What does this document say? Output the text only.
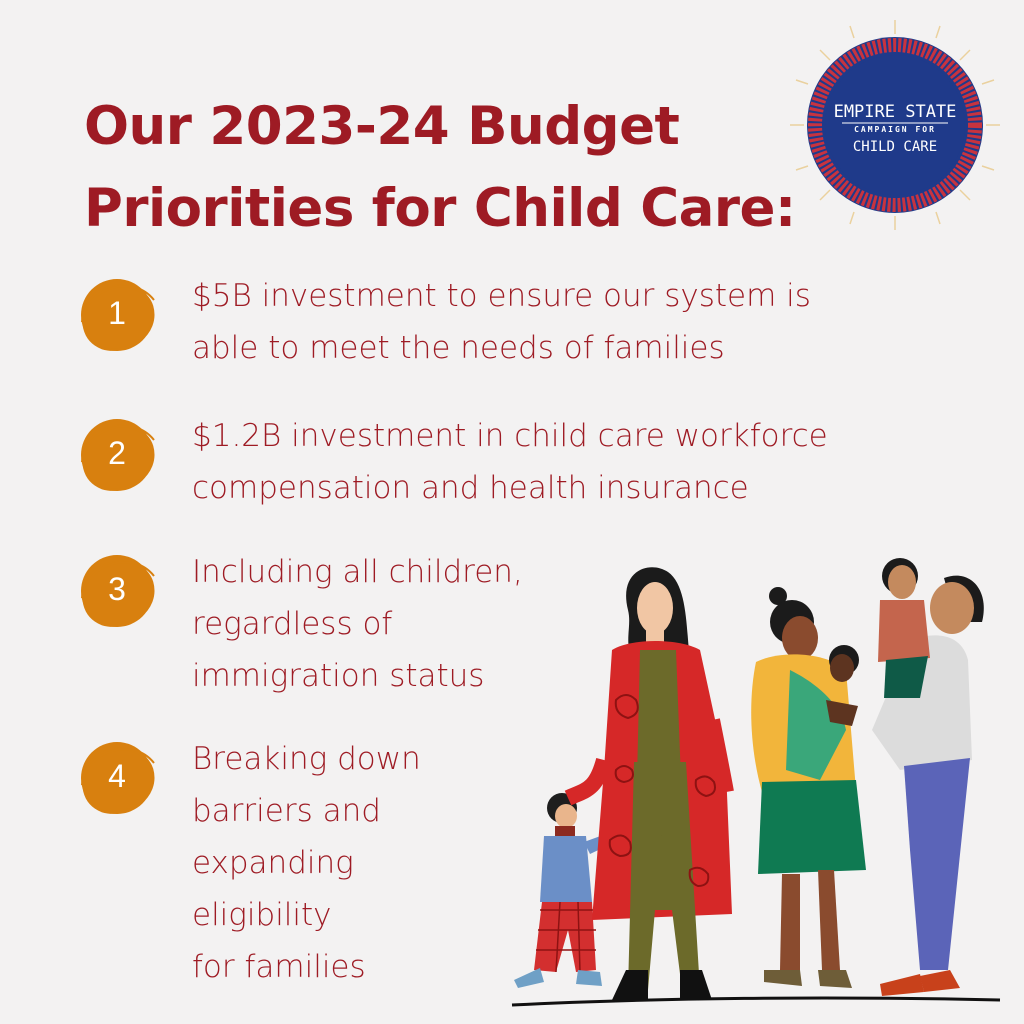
Our 2023-24 Budget
Priorities for Child Care:
EMPIRE STATE
CAMPAIGN FOR
CHILD CARE
1	$5B investment to ensure our system is
able to meet the needs of families
2	$1.2B investment in child care workforce
compensation and health insurance
3	Including all children,
regardless of
immigration status
4	Breaking down
barriers and
expanding
eligibility
for families
